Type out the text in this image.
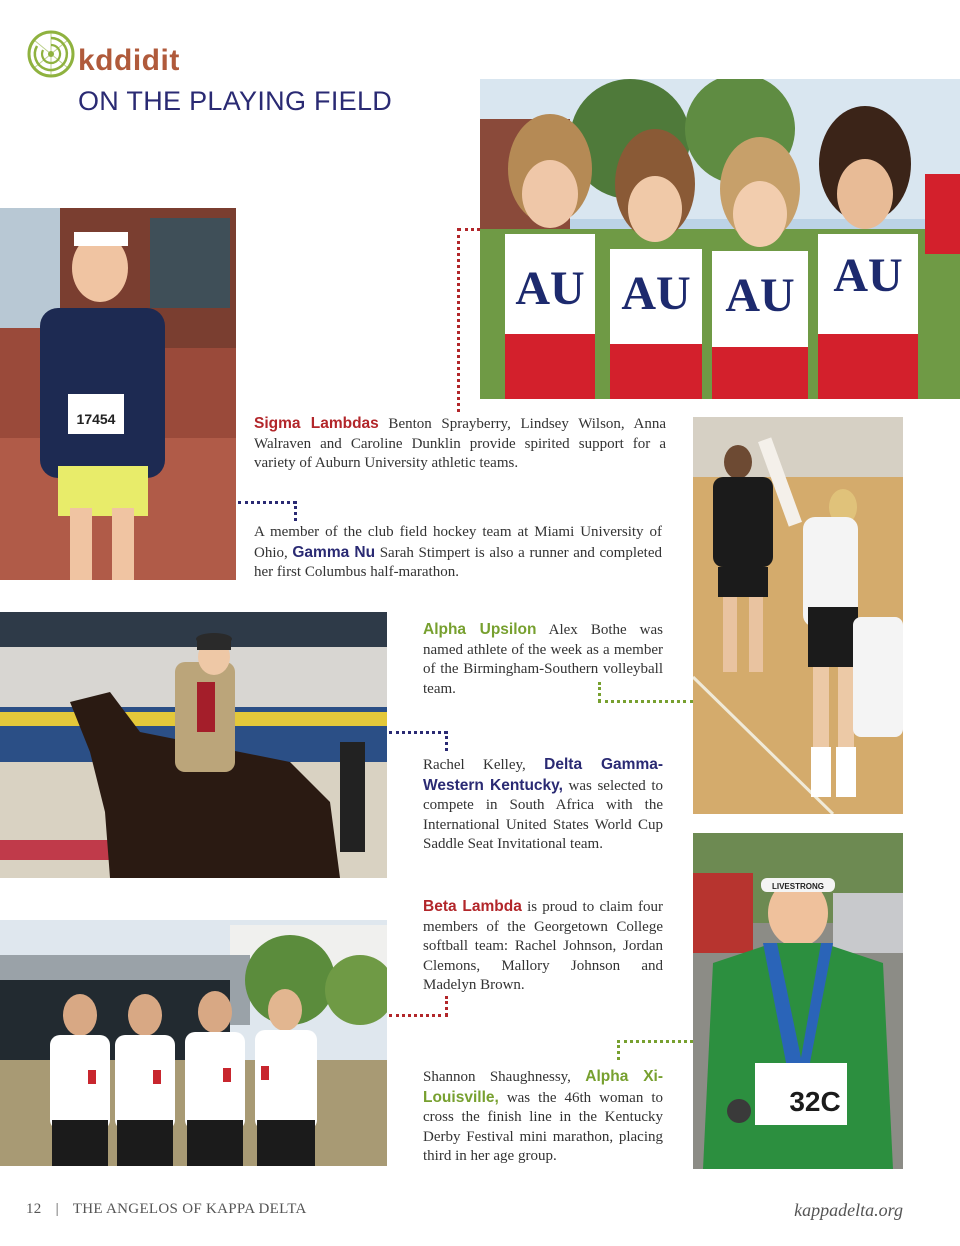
kddidit
ON THE PLAYING FIELD
AU AU AU AU
17454	Sigma Lambdas Benton Sprayberry, Lindsey Wilson, Anna Walraven and Caroline Dunklin provide spirited support for a variety of Auburn University athletic teams.
A member of the club field hockey team at Miami University of Ohio, Gamma Nu Sarah Stimpert is also a runner and completed her first Columbus half-marathon.
Alpha Upsilon Alex Bothe was named athlete of the week as a member of the Birmingham-Southern volleyball team.
Rachel Kelley, Delta Gamma-Western Kentucky, was selected to compete in South Africa with the International United States World Cup Saddle Seat Invitational team.
LIVESTRONG
32C
Beta Lambda is proud to claim four members of the Georgetown College softball team: Rachel Johnson, Jordan Clemons, Mallory Johnson and Madelyn Brown.
Shannon Shaughnessy, Alpha Xi-Louisville, was the 46th woman to cross the finish line in the Kentucky Derby Festival mini marathon, placing third in her age group.
12 | THE ANGELOS OF KAPPA DELTA	kappadelta.org
